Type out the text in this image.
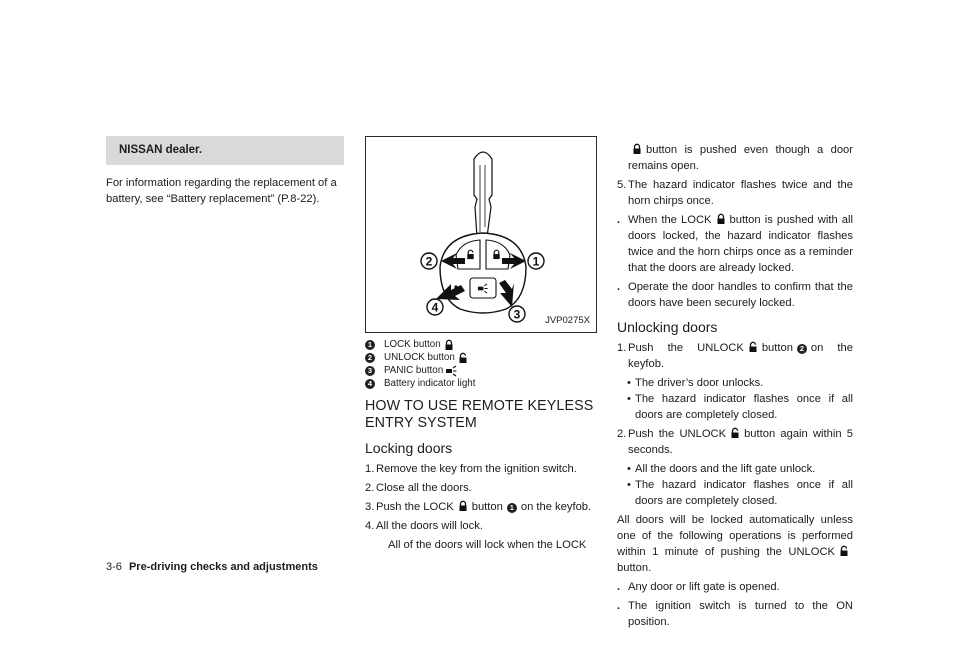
NISSAN dealer.
For information regarding the replacement of a battery, see “Battery replacement” (P.8-22).
2	1
4	3	JVP0275X
1 LOCK button
2 UNLOCK button
3 PANIC button
4 Battery indicator light
HOW TO USE REMOTE KEYLESS ENTRY SYSTEM
Locking doors
1. Remove the key from the ignition switch.
2. Close all the doors.
3. Push the LOCK button 1 on the keyfob.
4. All the doors will lock.
All of the doors will lock when the LOCK
button is pushed even though a door remains open.
5. The hazard indicator flashes twice and the horn chirps once.
. When the LOCK button is pushed with all doors locked, the hazard indicator flashes twice and the horn chirps once as a reminder that the doors are already locked.
. Operate the door handles to confirm that the doors have been securely locked.
Unlocking doors
1. Push the UNLOCK button 2 on the keyfob.
• The driver’s door unlocks.
• The hazard indicator flashes once if all doors are completely closed.
2. Push the UNLOCK button again within 5 seconds.
• All the doors and the lift gate unlock.
• The hazard indicator flashes once if all doors are completely closed.
All doors will be locked automatically unless one of the following operations is performed within 1 minute of pushing the UNLOCKbutton.
. Any door or lift gate is opened.
. The ignition switch is turned to the ON position.
3-6 Pre-driving checks and adjustments
